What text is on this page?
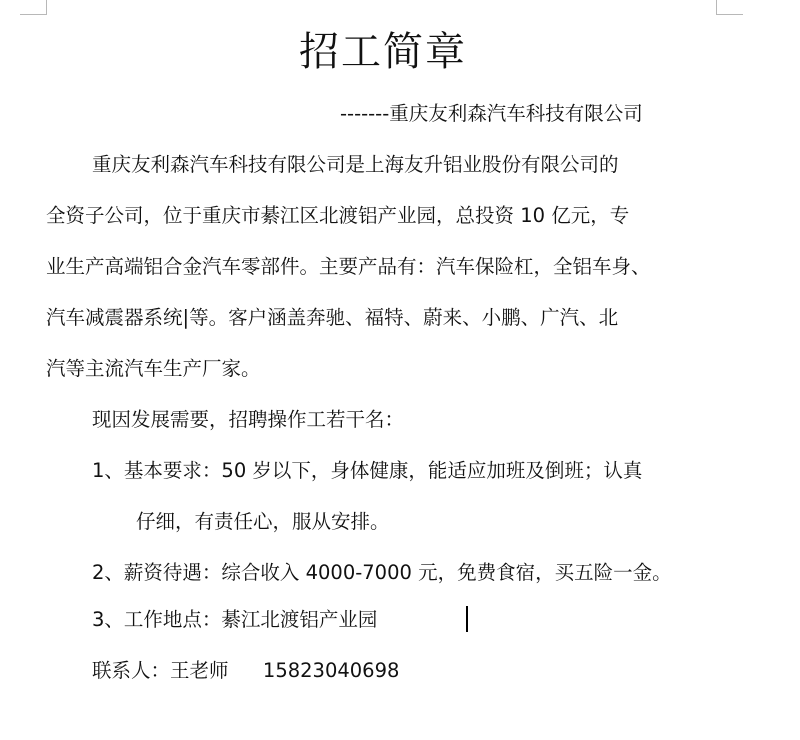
招工简章
-------重庆友利森汽车科技有限公司
重庆友利森汽车科技有限公司是上海友升铝业股份有限公司的
全资子公司，位于重庆市綦江区北渡铝产业园，总投资 10 亿元，专
业生产高端铝合金汽车零部件。主要产品有：汽车保险杠，全铝车身、
汽车减震器系统|等。客户涵盖奔驰、福特、蔚来、小鹏、广汽、北
汽等主流汽车生产厂家。
现因发展需要，招聘操作工若干名：
1、基本要求：50 岁以下，身体健康，能适应加班及倒班；认真
仔细，有责任心，服从安排。
2、薪资待遇：综合收入 4000-7000 元，免费食宿，买五险一金。
3、工作地点：綦江北渡铝产业园
联系人：王老师 15823040698
